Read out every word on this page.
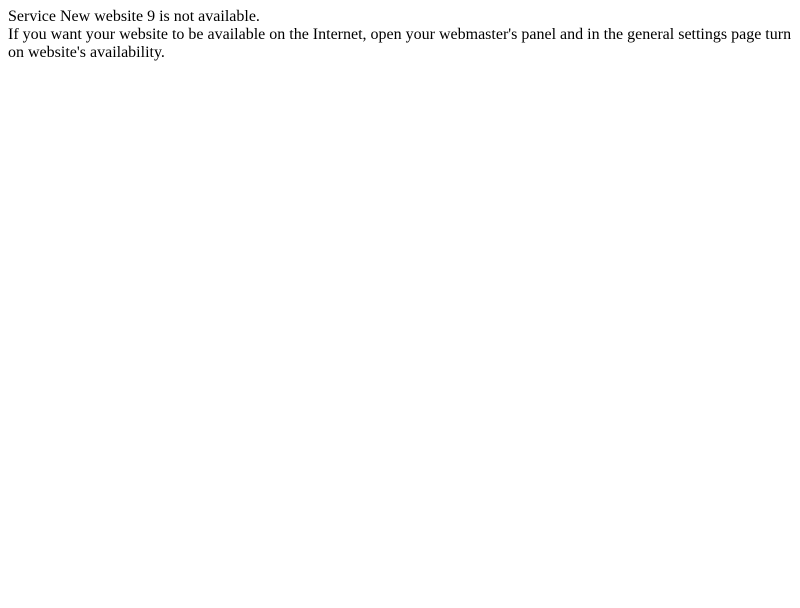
Service New website 9 is not available.
If you want your website to be available on the Internet, open your webmaster's panel and in the general settings page turn on website's availability.
